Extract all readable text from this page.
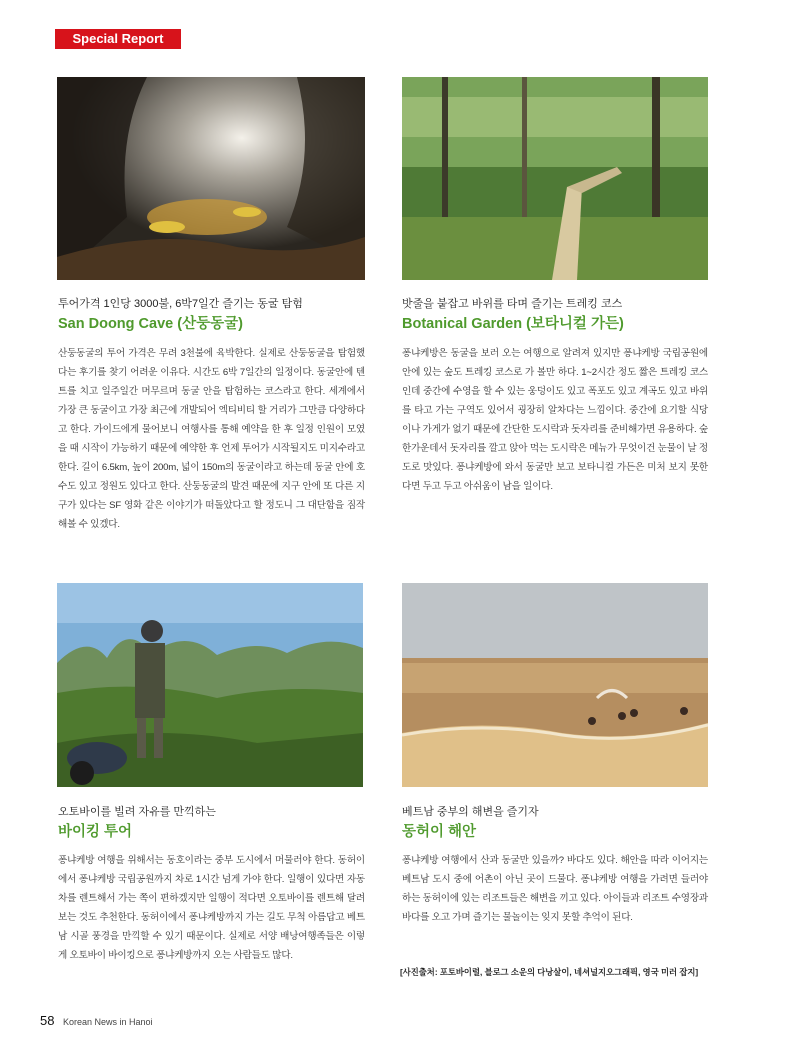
Special Report
투어가격 1인당 3000불, 6박7일간 즐기는 동굴 탐험
San Doong Cave (산둥동굴)
산둥동굴의 투어 가격은 무려 3천불에 육박한다. 실제로 산둥동굴을 탐험했다는 후기를 찾기 어려운 이유다. 시간도 6박 7일간의 일정이다. 동굴안에 텐트를 치고 일주일간 머무르며 동굴 안을 탐험하는 코스라고 한다. 세계에서 가장 큰 동굴이고 가장 최근에 개발되어 엑티비티 할 거리가 그만큼 다양하다고 한다. 가이드에게 물어보니 여행사를 통해 예약을 한 후 일정 인원이 모였을 때 시작이 가능하기 때문에 예약한 후 언제 투어가 시작될지도 미지수라고 한다. 길이 6.5km, 높이 200m, 넓이 150m의 동굴이라고 하는데 동굴 안에 호수도 있고 정원도 있다고 한다. 산둥동굴의 발견 때문에 지구 안에 또 다른 지구가 있다는 SF 영화 같은 이야기가 떠돌았다고 할 정도니 그 대단함을 짐작해볼 수 있겠다.
밧줄을 붙잡고 바위를 타며 즐기는 트레킹 코스
Botanical Garden (보타니컬 가든)
퐁냐케방은 동굴을 보러 오는 여행으로 알려져 있지만 퐁냐케방 국립공원에 안에 있는 숲도 트레킹 코스로 가 볼만 하다. 1~2시간 정도 짧은 트레킹 코스인데 중간에 수영을 할 수 있는 웅덩이도 있고 폭포도 있고 계곡도 있고 바위를 타고 가는 구역도 있어서 굉장히 알차다는 느낌이다. 중간에 요기할 식당이나 가게가 없기 때문에 간단한 도시락과 돗자리를 준비해가면 유용하다. 숲 한가운데서 돗자리를 깔고 앉아 먹는 도시락은 메뉴가 무엇이건 눈물이 날 정도로 맛있다. 퐁냐케방에 와서 동굴만 보고 보타니컬 가든은 미처 보지 못한다면 두고 두고 아쉬움이 남을 일이다.
오토바이를 빌려 자유를 만끽하는
바이킹 투어
퐁냐케방 여행을 위해서는 동호이라는 중부 도시에서 머물러야 한다. 동허이에서 퐁냐케방 국립공원까지 차로 1시간 넘게 가야 한다. 일행이 있다면 자동차를 렌트해서 가는 쪽이 편하겠지만 일행이 적다면 오토바이를 렌트해 달려보는 것도 추천한다. 동허이에서 퐁냐케방까지 가는 길도 무척 아름답고 베트남 시골 풍경을 만끽할 수 있기 때문이다. 실제로 서양 배낭여행족들은 이렇게 오토바이 바이킹으로 퐁냐케방까지 오는 사람들도 많다.
베트남 중부의 해변을 즐기자
동허이 해안
퐁냐케방 여행에서 산과 동굴만 있을까? 바다도 있다. 해안을 따라 이어지는 베트남 도시 중에 어촌이 아닌 곳이 드물다. 퐁냐케방 여행을 가려면 들러야 하는 동허이에 있는 리조트들은 해변을 끼고 있다. 아이들과 리조트 수영장과 바다를 오고 가며 즐기는 물놀이는 잊지 못할 추억이 된다.
[사진출처: 포토바이럴, 블로그 소운의 다낭살이, 네셔널지오그래픽, 영국 미러 잡지]
58 Korean News in Hanoi
